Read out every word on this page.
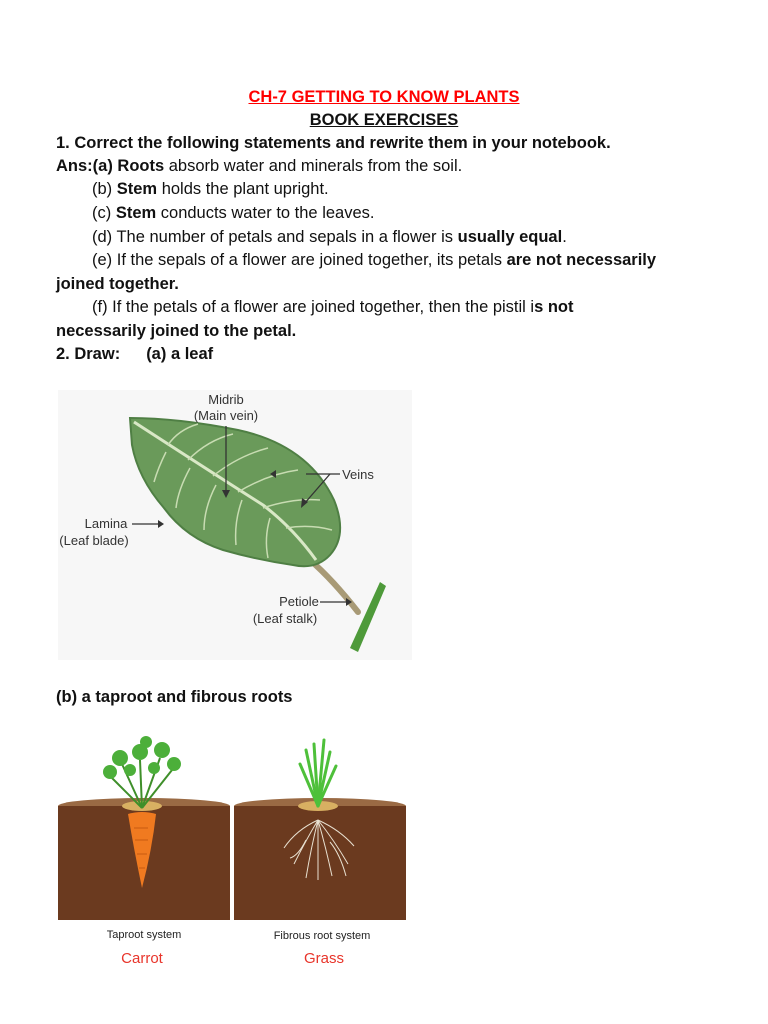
CH-7 GETTING TO KNOW PLANTS
BOOK EXERCISES
1. Correct the following statements and rewrite them in your notebook.
Ans:(a) Roots absorb water and minerals from the soil.
(b) Stem holds the plant upright.
(c) Stem conducts water to the leaves.
(d) The number of petals and sepals in a flower is usually equal.
(e) If the sepals of a flower are joined together, its petals are not necessarily
joined together.
(f) If the petals of a flower are joined together, then the pistil is not
necessarily joined to the petal.
2. Draw: (a) a leaf
Midrib
(Main vein)
Veins
Lamina
(Leaf blade)
Petiole
(Leaf stalk)
(b) a taproot and fibrous roots
Taproot system	Fibrous root system
Carrot	Grass
